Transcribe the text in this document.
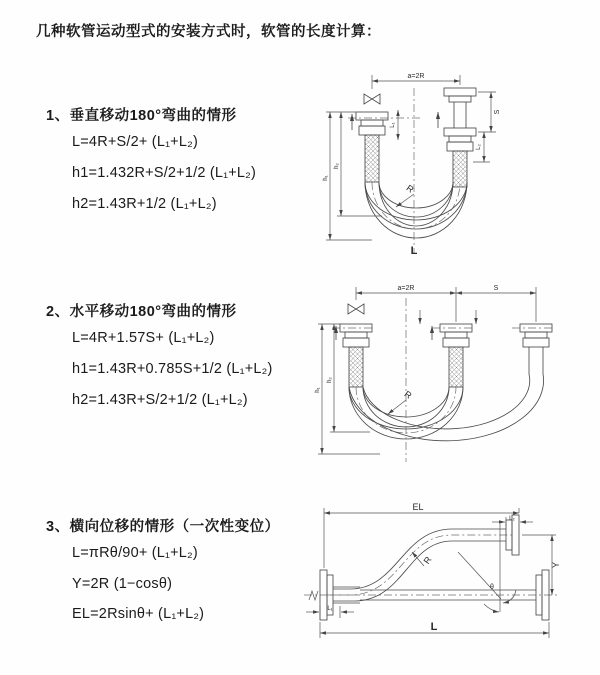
几种软管运动型式的安装方式时，软管的长度计算：
1、垂直移动180°弯曲的情形
L=4R+S/2+ (L₁+L₂)
h1=1.432R+S/2+1/2 (L₁+L₂)
h2=1.43R+1/2 (L₁+L₂)
2、水平移动180°弯曲的情形
L=4R+1.57S+ (L₁+L₂)
h1=1.43R+0.785S+1/2 (L₁+L₂)
h2=1.43R+S/2+1/2 (L₁+L₂)
3、横向位移的情形（一次性变位）
L=πRθ/90+ (L₁+L₂)
Y=2R (1−cosθ)
EL=2Rsinθ+ (L₁+L₂)
a=2R
L₁
S
L₂
h₁
h₂
R
L
a=2R	S
h₁
h₂
R
EL
L₂
Y
θ
R
L₁
L
